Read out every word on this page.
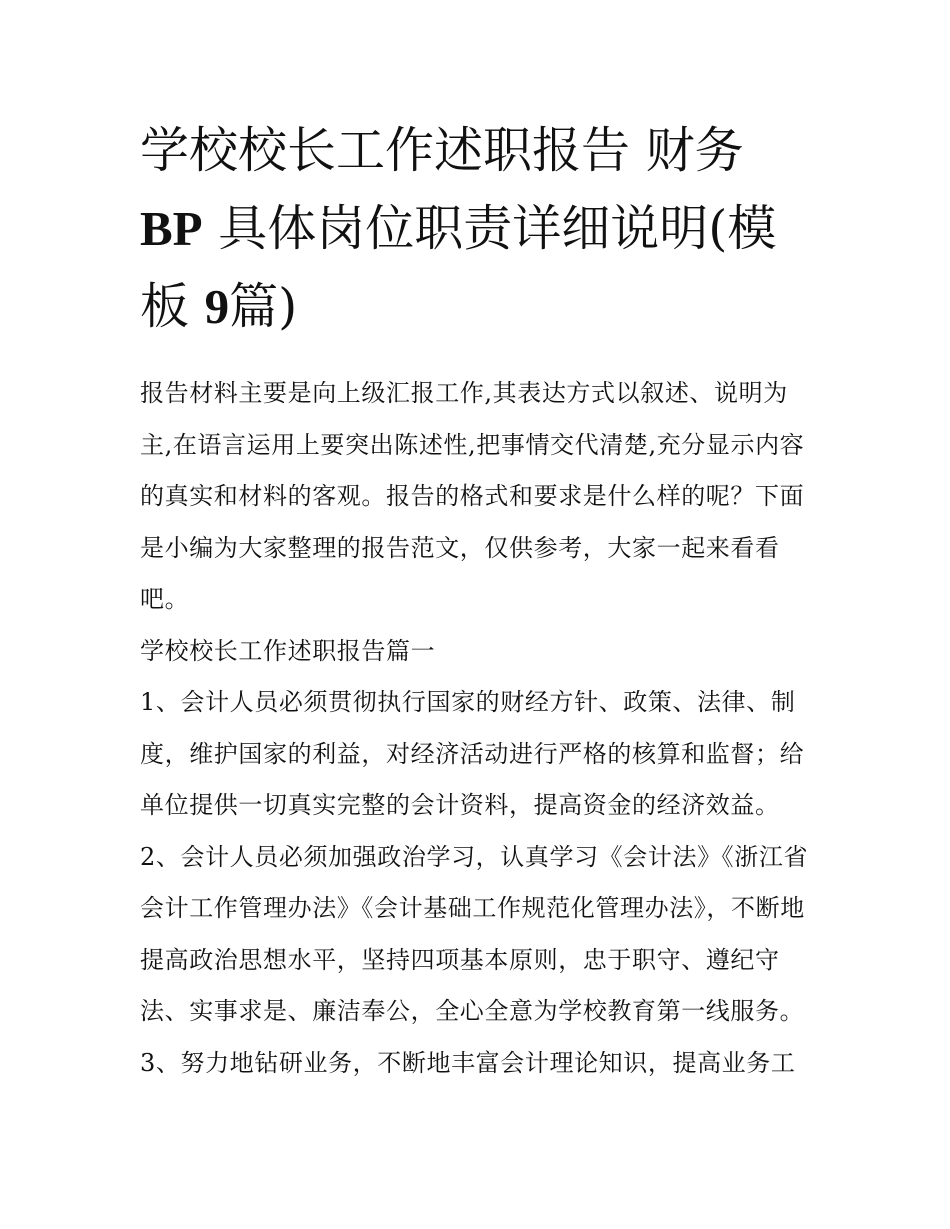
学校校长工作述职报告 财务
BP 具体岗位职责详细说明(模
板 9篇)

报告材料主要是向上级汇报工作,其表达方式以叙述、说明为主,在语言运用上要突出陈述性,把事情交代清楚,充分显示内容的真实和材料的客观。报告的格式和要求是什么样的呢？下面是小编为大家整理的报告范文，仅供参考，大家一起来看看吧。

学校校长工作述职报告篇一

1、会计人员必须贯彻执行国家的财经方针、政策、法律、制度，维护国家的利益，对经济活动进行严格的核算和监督；给单位提供一切真实完整的会计资料，提高资金的经济效益。

2、会计人员必须加强政治学习，认真学习《会计法》《浙江省会计工作管理办法》《会计基础工作规范化管理办法》，不断地提高政治思想水平，坚持四项基本原则，忠于职守、遵纪守法、实事求是、廉洁奉公，全心全意为学校教育第一线服务。

3、努力地钻研业务，不断地丰富会计理论知识，提高业务工
